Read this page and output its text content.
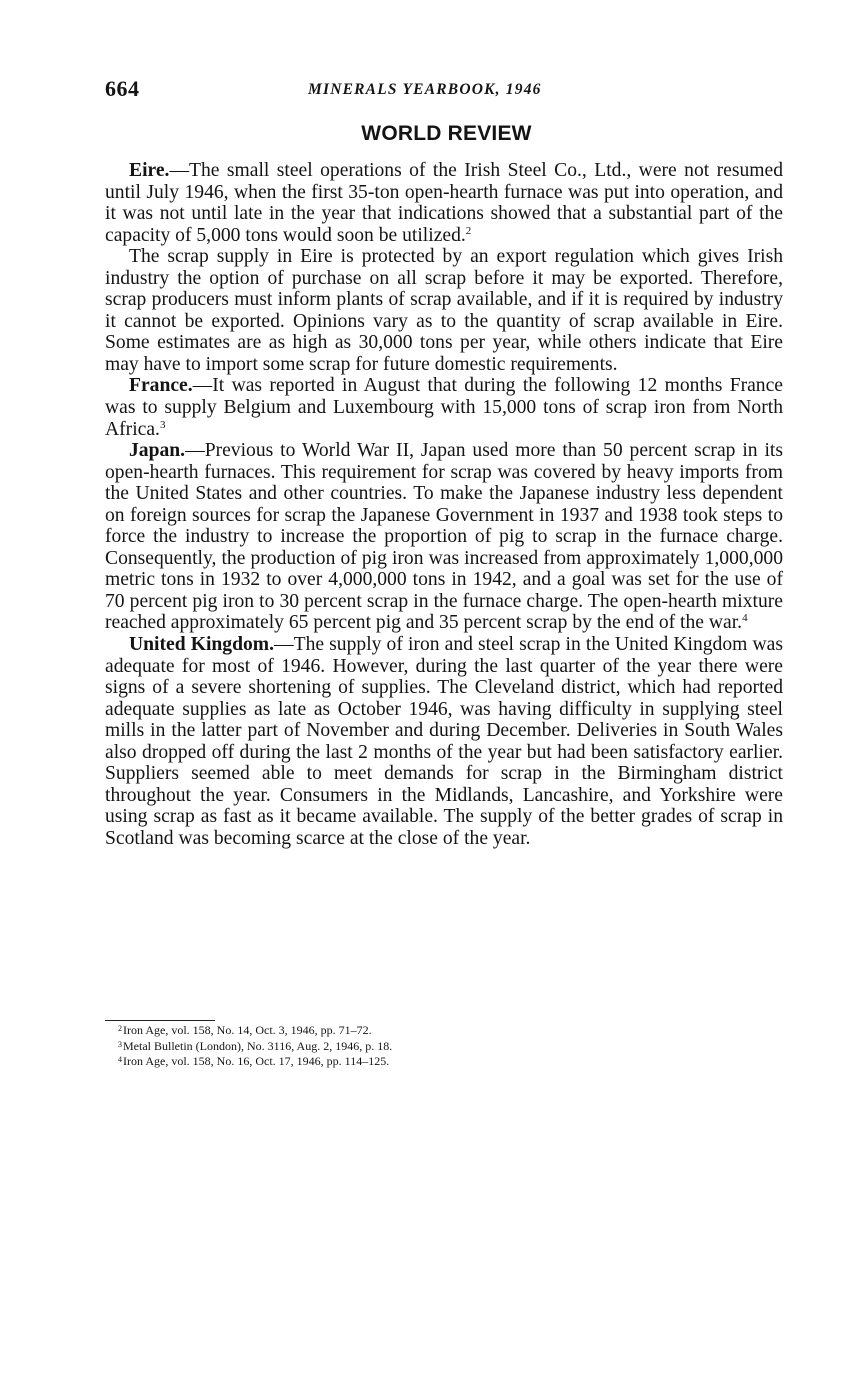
664	MINERALS YEARBOOK, 1946
WORLD REVIEW

Eire.—The small steel operations of the Irish Steel Co., Ltd., were not resumed until July 1946, when the first 35-ton open-hearth furnace was put into operation, and it was not until late in the year that indications showed that a substantial part of the capacity of 5,000 tons would soon be utilized.$^2$

The scrap supply in Eire is protected by an export regulation which gives Irish industry the option of purchase on all scrap before it may be exported. Therefore, scrap producers must inform plants of scrap available, and if it is required by industry it cannot be exported. Opinions vary as to the quantity of scrap available in Eire. Some estimates are as high as 30,000 tons per year, while others indicate that Eire may have to import some scrap for future domestic requirements.

France.—It was reported in August that during the following 12 months France was to supply Belgium and Luxembourg with 15,000 tons of scrap iron from North Africa.$^3$

Japan.—Previous to World War II, Japan used more than 50 percent scrap in its open-hearth furnaces. This requirement for scrap was covered by heavy imports from the United States and other countries. To make the Japanese industry less dependent on foreign sources for scrap the Japanese Government in 1937 and 1938 took steps to force the industry to increase the proportion of pig to scrap in the furnace charge. Consequently, the production of pig iron was increased from approximately 1,000,000 metric tons in 1932 to over 4,000,000 tons in 1942, and a goal was set for the use of 70 percent pig iron to 30 percent scrap in the furnace charge. The open-hearth mixture reached approximately 65 percent pig and 35 percent scrap by the end of the war.$^4$

United Kingdom.—The supply of iron and steel scrap in the United Kingdom was adequate for most of 1946. However, during the last quarter of the year there were signs of a severe shortening of supplies. The Cleveland district, which had reported adequate supplies as late as October 1946, was having difficulty in supplying steel mills in the latter part of November and during December. Deliveries in South Wales also dropped off during the last 2 months of the year but had been satisfactory earlier. Suppliers seemed able to meet demands for scrap in the Birmingham district throughout the year. Consumers in the Midlands, Lancashire, and Yorkshire were using scrap as fast as it became available. The supply of the better grades of scrap in Scotland was becoming scarce at the close of the year.

$^2$Iron Age, vol. 158, No. 14, Oct. 3, 1946, pp. 71–72.

$^3$Metal Bulletin (London), No. 3116, Aug. 2, 1946, p. 18.

$^4$Iron Age, vol. 158, No. 16, Oct. 17, 1946, pp. 114–125.
